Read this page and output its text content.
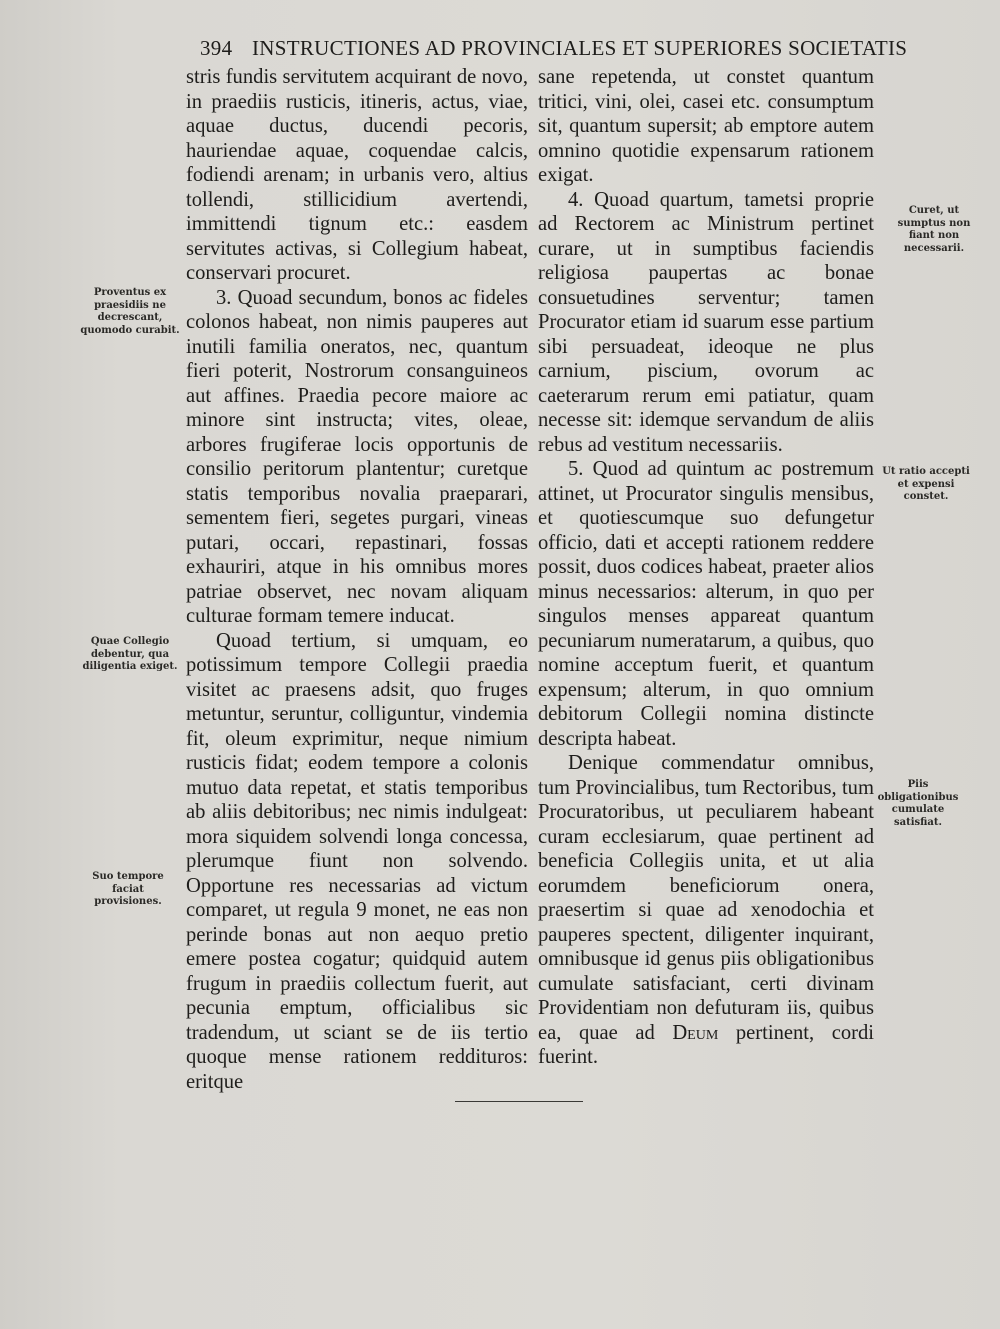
394 INSTRUCTIONES AD PROVINCIALES ET SUPERIORES SOCIETATIS
Proventus ex praesidiis ne decrescant, quomodo curabit.
Quae Collegio debentur, qua diligentia exiget.
Suo tempore faciat provisiones.
Curet, ut sumptus non fiant non necessarii.
Ut ratio accepti et expensi constet.
Piis obligationibus cumulate satisfiat.

stris fundis servitutem acquirant de novo, in praediis rusticis, itineris, actus, viae, aquae ductus, ducendi pecoris, hauriendae aquae, coquendae calcis, fodiendi arenam; in urbanis vero, altius tollendi, stillicidium avertendi, immittendi tignum etc.: easdem servitutes activas, si Collegium habeat, conservari procuret.

3. Quoad secundum, bonos ac fideles colonos habeat, non nimis pauperes aut inutili familia oneratos, nec, quantum fieri poterit, Nostrorum consanguineos aut affines. Praedia pecore maiore ac minore sint instructa; vites, oleae, arbores frugiferae locis opportunis de consilio peritorum plantentur; curetque statis temporibus novalia praeparari, sementem fieri, segetes purgari, vineas putari, occari, repastinari, fossas exhauriri, atque in his omnibus mores patriae observet, nec novam aliquam culturae formam temere inducat.

Quoad tertium, si umquam, eo potissimum tempore Collegii praedia visitet ac praesens adsit, quo fruges metuntur, seruntur, colliguntur, vindemia fit, oleum exprimitur, neque nimium rusticis fidat; eodem tempore a colonis mutuo data repetat, et statis temporibus ab aliis debitoribus; nec nimis indulgeat: mora siquidem solvendi longa concessa, plerumque fiunt non solvendo. Opportune res necessarias ad victum comparet, ut regula 9 monet, ne eas non perinde bonas aut non aequo pretio emere postea cogatur; quidquid autem frugum in praediis collectum fuerit, aut pecunia emptum, officialibus sic tradendum, ut sciant se de iis tertio quoque mense rationem reddituros: eritque

sane repetenda, ut constet quantum tritici, vini, olei, casei etc. consumptum sit, quantum supersit; ab emptore autem omnino quotidie expensarum rationem exigat.

4. Quoad quartum, tametsi proprie ad Rectorem ac Ministrum pertinet curare, ut in sumptibus faciendis religiosa paupertas ac bonae consuetudines serventur; tamen Procurator etiam id suarum esse partium sibi persuadeat, ideoque ne plus carnium, piscium, ovorum ac caeterarum rerum emi patiatur, quam necesse sit: idemque servandum de aliis rebus ad vestitum necessariis.

5. Quod ad quintum ac postremum attinet, ut Procurator singulis mensibus, et quotiescumque suo defungetur officio, dati et accepti rationem reddere possit, duos codices habeat, praeter alios minus necessarios: alterum, in quo per singulos menses appareat quantum pecuniarum numeratarum, a quibus, quo nomine acceptum fuerit, et quantum expensum; alterum, in quo omnium debitorum Collegii nomina distincte descripta habeat.

Denique commendatur omnibus, tum Provincialibus, tum Rectoribus, tum Procuratoribus, ut peculiarem habeant curam ecclesiarum, quae pertinent ad beneficia Collegiis unita, et ut alia eorumdem beneficiorum onera, praesertim si quae ad xenodochia et pauperes spectent, diligenter inquirant, omnibusque id genus piis obligationibus cumulate satisfaciant, certi divinam Providentiam non defuturam iis, quibus ea, quae ad Deum pertinent, cordi fuerint.
